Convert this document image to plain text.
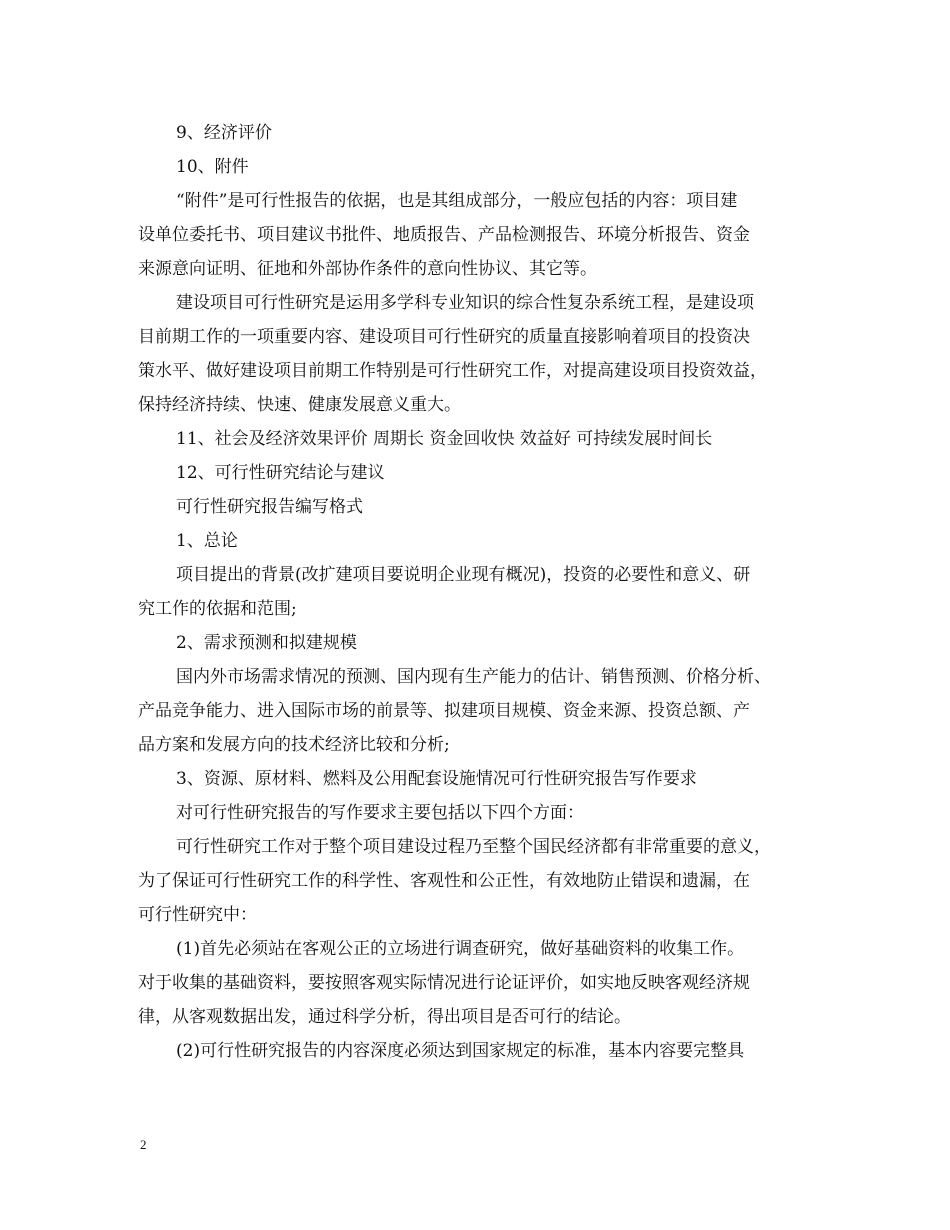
9、经济评价
10、附件
“附件”是可行性报告的依据，也是其组成部分，一般应包括的内容：项目建
设单位委托书、项目建议书批件、地质报告、产品检测报告、环境分析报告、资金
来源意向证明、征地和外部协作条件的意向性协议、其它等。
建设项目可行性研究是运用多学科专业知识的综合性复杂系统工程，是建设项
目前期工作的一项重要内容、建设项目可行性研究的质量直接影响着项目的投资决
策水平、做好建设项目前期工作特别是可行性研究工作，对提高建设项目投资效益，
保持经济持续、快速、健康发展意义重大。
11、社会及经济效果评价 周期长 资金回收快 效益好 可持续发展时间长
12、可行性研究结论与建议
可行性研究报告编写格式
1、总论
项目提出的背景(改扩建项目要说明企业现有概况)，投资的必要性和意义、研
究工作的依据和范围;
2、需求预测和拟建规模
国内外市场需求情况的预测、国内现有生产能力的估计、销售预测、价格分析、
产品竞争能力、进入国际市场的前景等、拟建项目规模、资金来源、投资总额、产
品方案和发展方向的技术经济比较和分析;
3、资源、原材料、燃料及公用配套设施情况可行性研究报告写作要求
对可行性研究报告的写作要求主要包括以下四个方面：
可行性研究工作对于整个项目建设过程乃至整个国民经济都有非常重要的意义，
为了保证可行性研究工作的科学性、客观性和公正性，有效地防止错误和遗漏，在
可行性研究中：
(1)首先必须站在客观公正的立场进行调查研究，做好基础资料的收集工作。
对于收集的基础资料，要按照客观实际情况进行论证评价，如实地反映客观经济规
律，从客观数据出发，通过科学分析，得出项目是否可行的结论。
(2)可行性研究报告的内容深度必须达到国家规定的标准，基本内容要完整具
2
